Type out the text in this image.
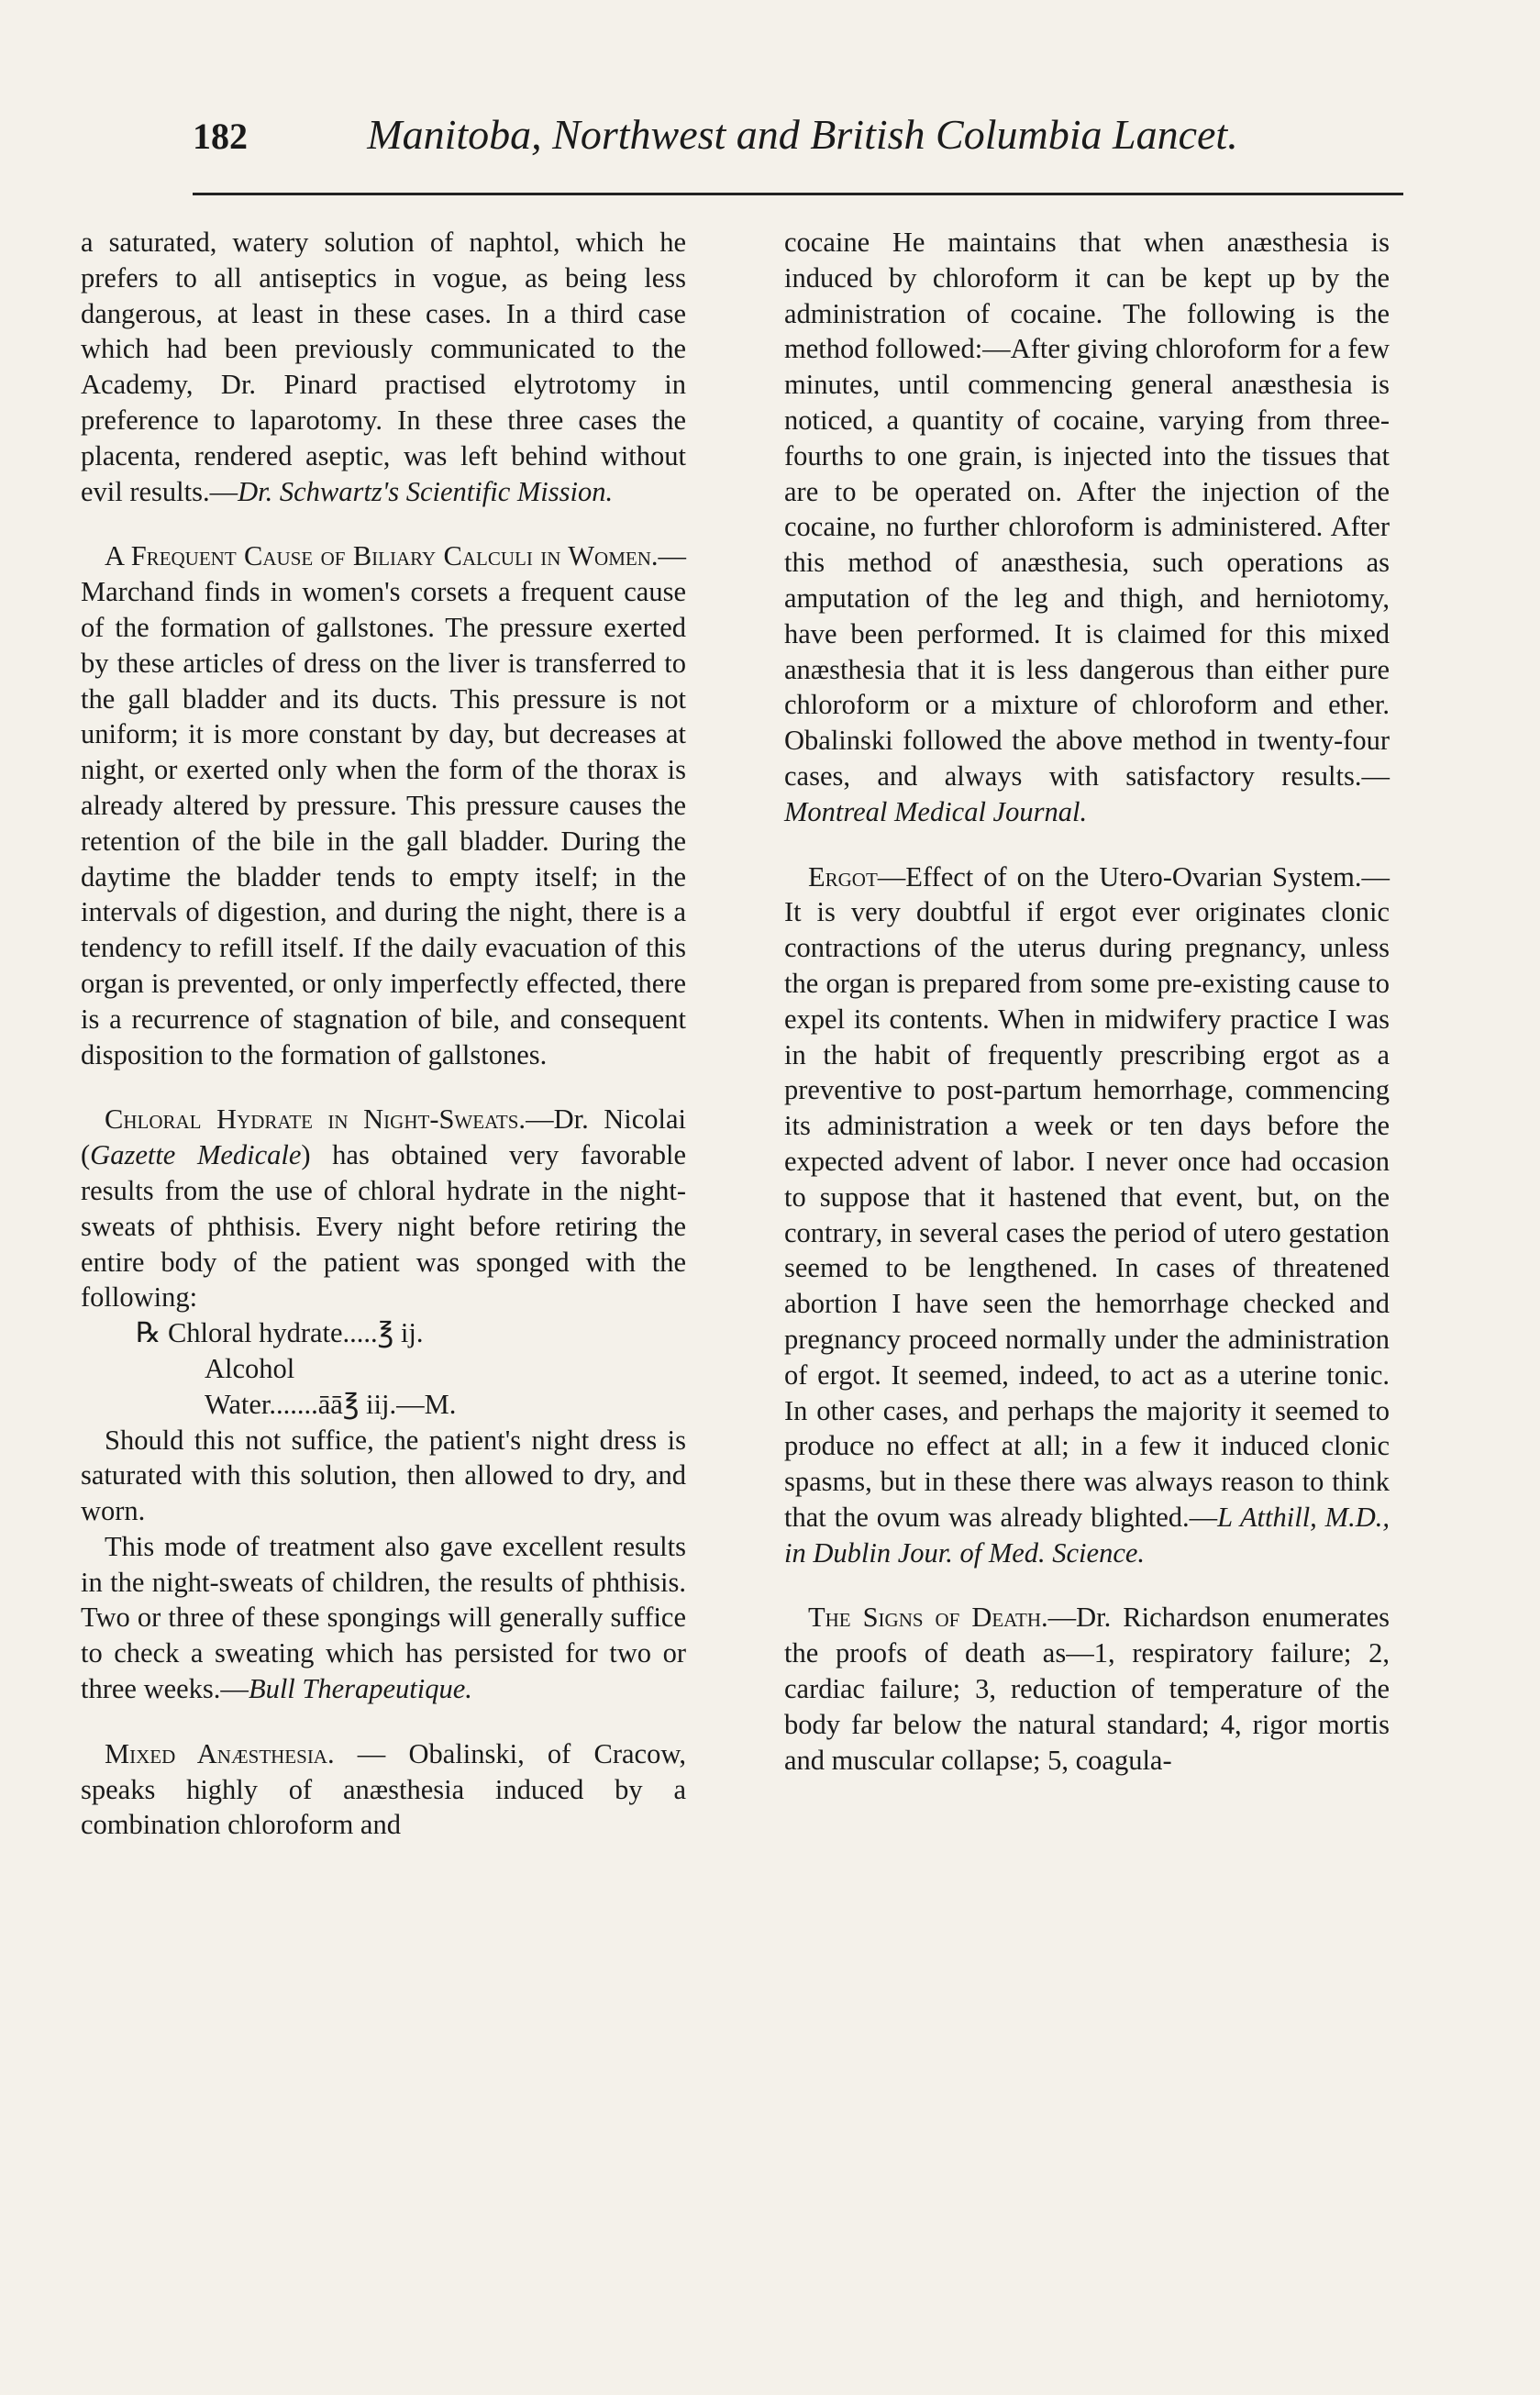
182	Manitoba, Northwest and British Columbia Lancet.

a saturated, watery solution of naphtol, which he prefers to all antiseptics in vogue, as being less dangerous, at least in these cases. In a third case which had been previously communicated to the Academy, Dr. Pinard practised elytrotomy in preference to laparotomy. In these three cases the placenta, rendered aseptic, was left behind without evil results.—Dr. Schwartz's Scientific Mission.

A Frequent Cause of Biliary Calculi in Women.—Marchand finds in women's corsets a frequent cause of the formation of gallstones. The pressure exerted by these articles of dress on the liver is transferred to the gall bladder and its ducts. This pressure is not uniform; it is more constant by day, but decreases at night, or exerted only when the form of the thorax is already altered by pressure. This pressure causes the retention of the bile in the gall bladder. During the daytime the bladder tends to empty itself; in the intervals of digestion, and during the night, there is a tendency to refill itself. If the daily evacuation of this organ is prevented, or only imperfectly effected, there is a recurrence of stagnation of bile, and consequent disposition to the formation of gallstones.

Chloral Hydrate in Night-Sweats.—Dr. Nicolai (Gazette Medicale) has obtained very favorable results from the use of chloral hydrate in the night-sweats of phthisis. Every night before retiring the entire body of the patient was sponged with the following:

℞ Chloral hydrate.....℥ ij.

Alcohol

Water.......āā℥ iij.—M.

Should this not suffice, the patient's night dress is saturated with this solution, then allowed to dry, and worn.

This mode of treatment also gave excellent results in the night-sweats of children, the results of phthisis. Two or three of these spongings will generally suffice to check a sweating which has persisted for two or three weeks.—Bull Therapeutique.

Mixed Anæsthesia. — Obalinski, of Cracow, speaks highly of anæsthesia induced by a combination chloroform and

cocaine He maintains that when anæsthesia is induced by chloroform it can be kept up by the administration of cocaine. The following is the method followed:—After giving chloroform for a few minutes, until commencing general anæsthesia is noticed, a quantity of cocaine, varying from three-fourths to one grain, is injected into the tissues that are to be operated on. After the injection of the cocaine, no further chloroform is administered. After this method of anæsthesia, such operations as amputation of the leg and thigh, and herniotomy, have been performed. It is claimed for this mixed anæsthesia that it is less dangerous than either pure chloroform or a mixture of chloroform and ether. Obalinski followed the above method in twenty-four cases, and always with satisfactory results.—Montreal Medical Journal.

Ergot—Effect of on the Utero-Ovarian System.—It is very doubtful if ergot ever originates clonic contractions of the uterus during pregnancy, unless the organ is prepared from some pre-existing cause to expel its contents. When in midwifery practice I was in the habit of frequently prescribing ergot as a preventive to post-partum hemorrhage, commencing its administration a week or ten days before the expected advent of labor. I never once had occasion to suppose that it hastened that event, but, on the contrary, in several cases the period of utero gestation seemed to be lengthened. In cases of threatened abortion I have seen the hemorrhage checked and pregnancy proceed normally under the administration of ergot. It seemed, indeed, to act as a uterine tonic. In other cases, and perhaps the majority it seemed to produce no effect at all; in a few it induced clonic spasms, but in these there was always reason to think that the ovum was already blighted.—L Atthill, M.D., in Dublin Jour. of Med. Science.

The Signs of Death.—Dr. Richardson enumerates the proofs of death as—1, respiratory failure; 2, cardiac failure; 3, reduction of temperature of the body far below the natural standard; 4, rigor mortis and muscular collapse; 5, coagula-
